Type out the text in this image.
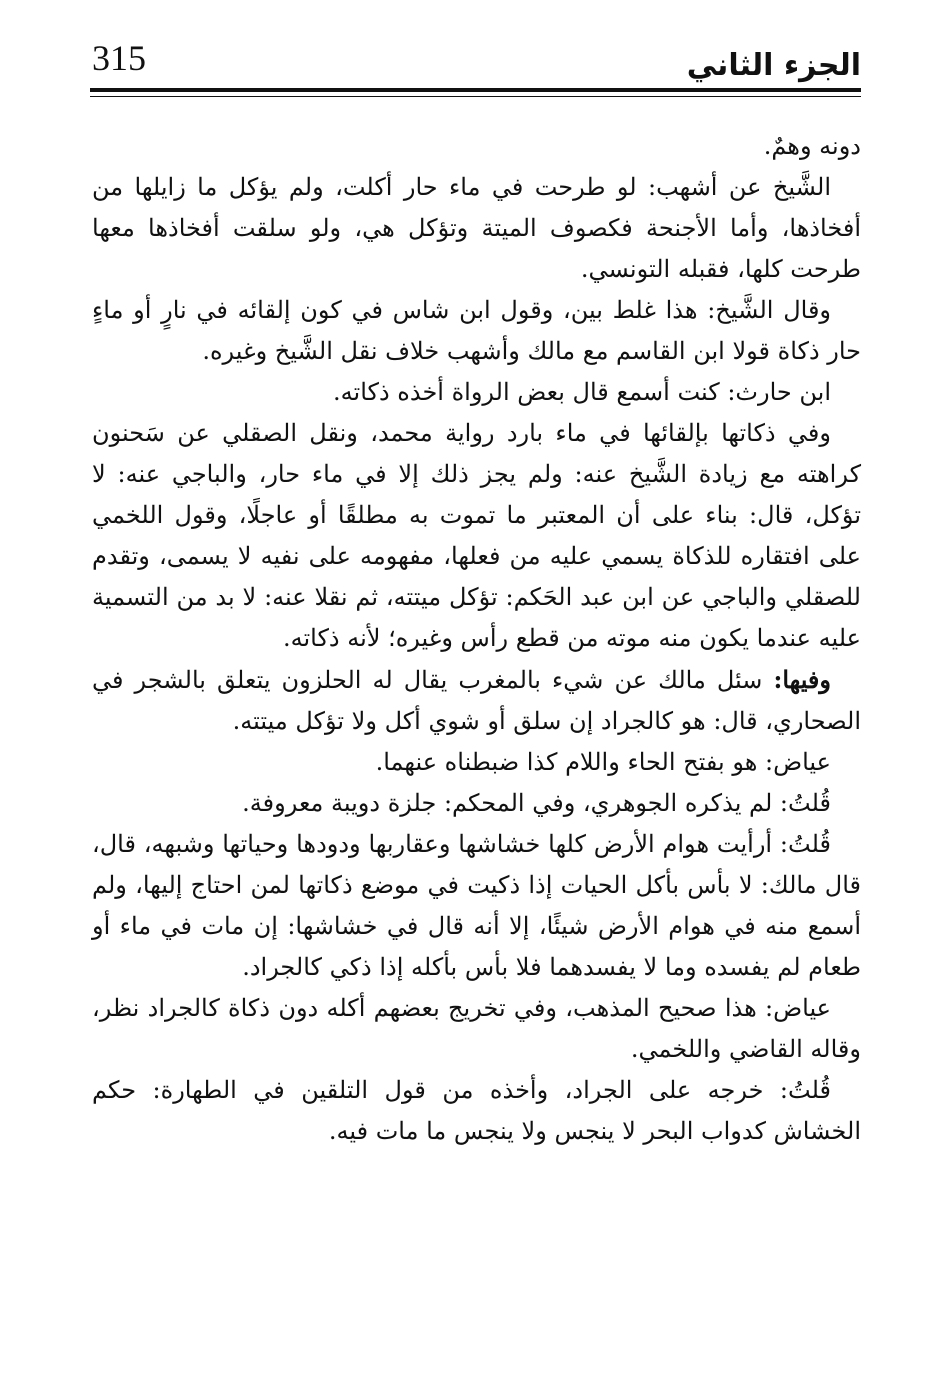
315	الجزء الثاني

دونه وهمٌ.

الشَّيخ عن أشهب: لو طرحت في ماء حار أكلت، ولم يؤكل ما زايلها من أفخاذها، وأما الأجنحة فكصوف الميتة وتؤكل هي، ولو سلقت أفخاذها معها طرحت كلها، فقبله التونسي.

وقال الشَّيخ: هذا غلط بين، وقول ابن شاس في كون إلقائه في نارٍ أو ماءٍ حار ذكاة قولا ابن القاسم مع مالك وأشهب خلاف نقل الشَّيخ وغيره.

ابن حارث: كنت أسمع قال بعض الرواة أخذه ذكاته.

وفي ذكاتها بإلقائها في ماء بارد رواية محمد، ونقل الصقلي عن سَحنون كراهته مع زيادة الشَّيخ عنه: ولم يجز ذلك إلا في ماء حار، والباجي عنه: لا تؤكل، قال: بناء على أن المعتبر ما تموت به مطلقًا أو عاجلًا، وقول اللخمي على افتقاره للذكاة يسمي عليه من فعلها، مفهومه على نفيه لا يسمى، وتقدم للصقلي والباجي عن ابن عبد الحَكم: تؤكل ميتته، ثم نقلا عنه: لا بد من التسمية عليه عندما يكون منه موته من قطع رأس وغيره؛ لأنه ذكاته.

وفيها: سئل مالك عن شيء بالمغرب يقال له الحلزون يتعلق بالشجر في الصحاري، قال: هو كالجراد إن سلق أو شوي أكل ولا تؤكل ميتته.

عياض: هو بفتح الحاء واللام كذا ضبطناه عنهما.

قُلتُ: لم يذكره الجوهري، وفي المحكم: جلزة دويبة معروفة.

قُلتُ: أرأيت هوام الأرض كلها خشاشها وعقاربها ودودها وحياتها وشبهه، قال، قال مالك: لا بأس بأكل الحيات إذا ذكيت في موضع ذكاتها لمن احتاج إليها، ولم أسمع منه في هوام الأرض شيئًا، إلا أنه قال في خشاشها: إن مات في ماء أو طعام لم يفسده وما لا يفسدهما فلا بأس بأكله إذا ذكي كالجراد.

عياض: هذا صحيح المذهب، وفي تخريج بعضهم أكله دون ذكاة كالجراد نظر، وقاله القاضي واللخمي.

قُلتُ: خرجه على الجراد، وأخذه من قول التلقين في الطهارة: حكم الخشاش كدواب البحر لا ينجس ولا ينجس ما مات فيه.
